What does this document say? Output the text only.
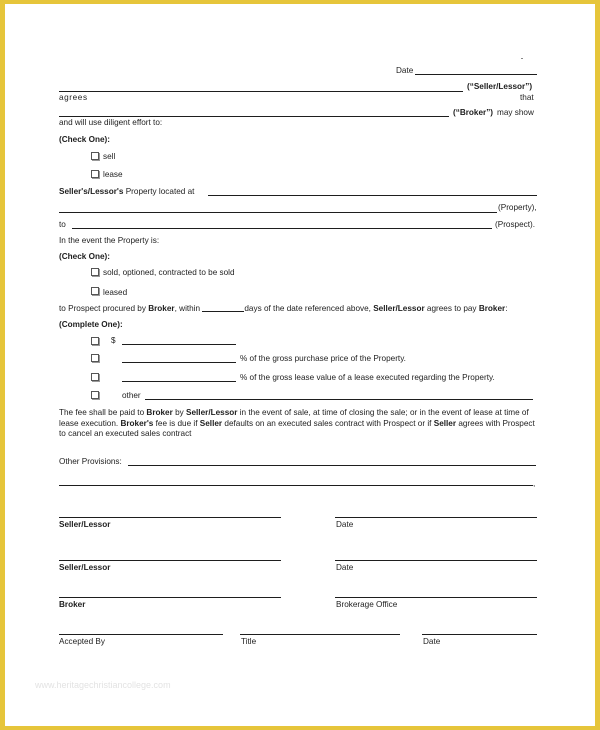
Date
(“Seller/Lessor”)
agrees	that
(“Broker”) may show
and will use diligent effort to:
(Check One):
sell
lease
Seller's/Lessor's Property located at
(Property),
to	(Prospect).
In the event the Property is:
(Check One):
sold, optioned, contracted to be sold
leased
to Prospect procured by Broker, within	days of the date referenced above, Seller/Lessor agrees to pay Broker:
(Complete One):
$
% of the gross purchase price of the Property.
% of the gross lease value of a lease executed regarding the Property.
other
The fee shall be paid to Broker by Seller/Lessor in the event of sale, at time of closing the sale; or in the event of lease at time of lease execution. Broker's fee is due if Seller defaults on an executed sales contract with Prospect or if Seller agrees with Prospect to cancel an executed sales contract
Other Provisions:
,
Seller/Lessor	Date
Seller/Lessor	Date
Broker	Brokerage Office
Accepted By	Title	Date
www.heritagechristiancollege.com
